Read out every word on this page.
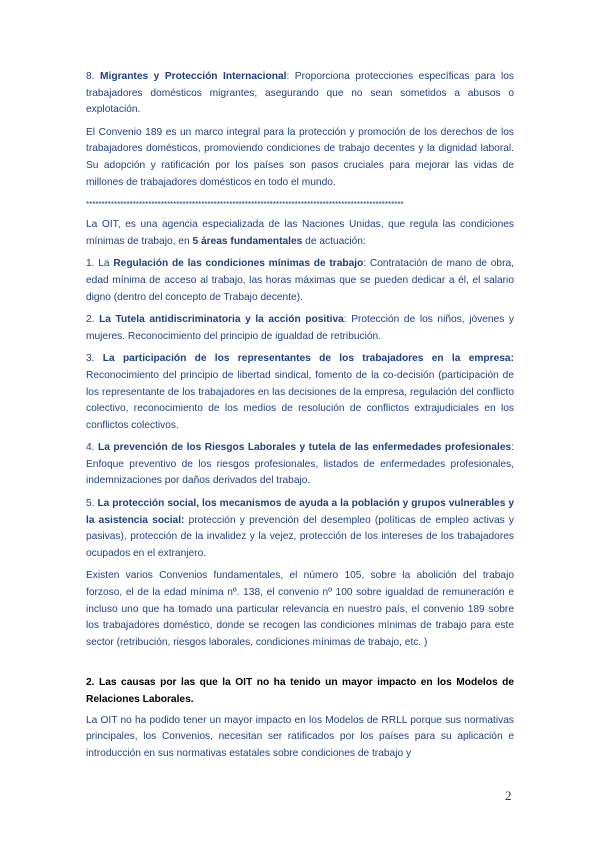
8. Migrantes y Protección Internacional: Proporciona protecciones específicas para los trabajadores domésticos migrantes, asegurando que no sean sometidos a abusos o explotación.

El Convenio 189 es un marco integral para la protección y promoción de los derechos de los trabajadores domésticos, promoviendo condiciones de trabajo decentes y la dignidad laboral. Su adopción y ratificación por los países son pasos cruciales para mejorar las vidas de millones de trabajadores domésticos en todo el mundo.

******************************************************************************************************

La OIT, es una agencia especializada de las Naciones Unidas, que regula las condiciones mínimas de trabajo, en 5 áreas fundamentales de actuación:

1. La Regulación de las condiciones mínimas de trabajo: Contratación de mano de obra, edad mínima de acceso al trabajo, las horas máximas que se pueden dedicar a él, el salario digno (dentro del concepto de Trabajo decente).

2. La Tutela antidiscriminatoria y la acción positiva: Protección de los niños, jóvenes y mujeres. Reconocimiento del principio de igualdad de retribución.

3. La participación de los representantes de los trabajadores en la empresa: Reconocimiento del principio de libertad sindical, fomento de la co-decisión (participación de los representante de los trabajadores en las decisiones de la empresa, regulación del conflicto colectivo, reconocimiento de los medios de resolución de conflictos extrajudiciales en los conflictos colectivos.

4. La prevención de los Riesgos Laborales y tutela de las enfermedades profesionales: Enfoque preventivo de los riesgos profesionales, listados de enfermedades profesionales, indemnizaciones por daños derivados del trabajo.

5. La protección social, los mecanismos de ayuda a la población y grupos vulnerables y la asistencia social: protección y prevención del desempleo (políticas de empleo activas y pasivas), protección de la invalidez y la vejez, protección de los intereses de los trabajadores ocupados en el extranjero.

Existen varios Convenios fundamentales, el número 105, sobre la abolición del trabajo forzoso, el de la edad mínima nº. 138, el convenio nº 100 sobre igualdad de remuneración e incluso uno que ha tomado una particular relevancia en nuestro país, el convenio 189 sobre los trabajadores doméstico, donde se recogen las condiciones mínimas de trabajo para este sector (retribución, riesgos laborales, condiciones mínimas de trabajo, etc. )

2. Las causas por las que la OIT no ha tenido un mayor impacto en los Modelos de Relaciones Laborales.

La OIT no ha podido tener un mayor impacto en los Modelos de RRLL porque sus normativas principales, los Convenios, necesitan ser ratificados por los países para su aplicación e introducción en sus normativas estatales sobre condiciones de trabajo y

2
